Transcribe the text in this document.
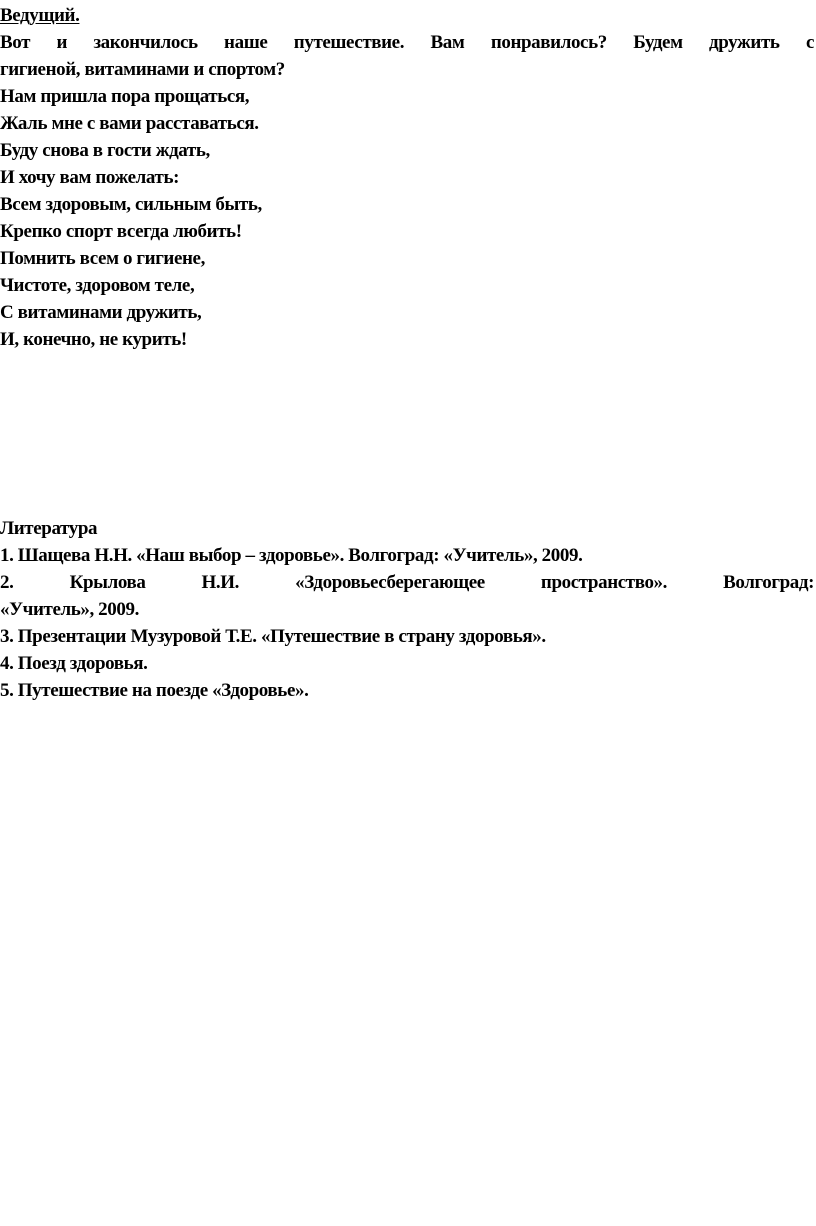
Ведущий.
Вот и закончилось наше путешествие. Вам понравилось? Будем дружить с
гигиеной, витаминами и спортом?
Нам пришла пора прощаться,
Жаль мне с вами расставаться.
Буду снова в гости ждать,
И хочу вам пожелать:
Всем здоровым, сильным быть,
Крепко спорт всегда любить!
Помнить всем о гигиене,
Чистоте, здоровом теле,
С витаминами дружить,
И, конечно, не курить!
Литература
1. Шащева Н.Н. «Наш выбор – здоровье». Волгоград: «Учитель», 2009.
2. Крылова Н.И. «Здоровьесберегающее пространство». Волгоград:
«Учитель», 2009.
3. Презентации Музуровой Т.Е. «Путешествие в страну здоровья».
4. Поезд здоровья.
5. Путешествие на поезде «Здоровье».
